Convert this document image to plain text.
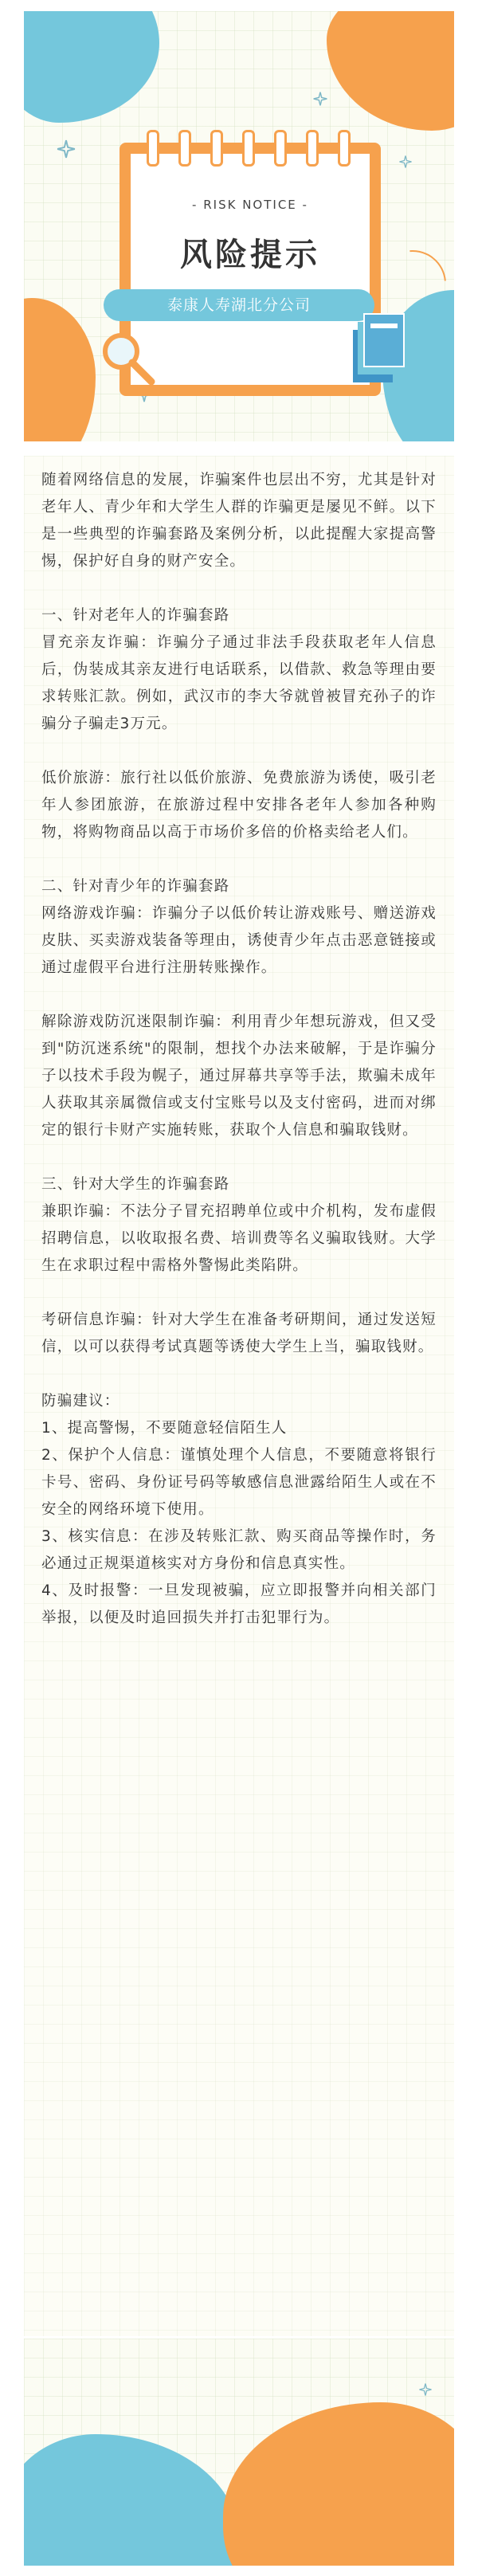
- RISK NOTICE -
风险提示
泰康人寿湖北分公司

随着网络信息的发展，诈骗案件也层出不穷，尤其是针对老年人、青少年和大学生人群的诈骗更是屡见不鲜。以下是一些典型的诈骗套路及案例分析，以此提醒大家提高警惕，保护好自身的财产安全。

一、针对老年人的诈骗套路

冒充亲友诈骗：诈骗分子通过非法手段获取老年人信息后，伪装成其亲友进行电话联系，以借款、救急等理由要求转账汇款。例如，武汉市的李大爷就曾被冒充孙子的诈骗分子骗走3万元。

低价旅游：旅行社以低价旅游、免费旅游为诱使，吸引老年人参团旅游，在旅游过程中安排各老年人参加各种购物，将购物商品以高于市场价多倍的价格卖给老人们。

二、针对青少年的诈骗套路

网络游戏诈骗：诈骗分子以低价转让游戏账号、赠送游戏皮肤、买卖游戏装备等理由，诱使青少年点击恶意链接或通过虚假平台进行注册转账操作。

解除游戏防沉迷限制诈骗：利用青少年想玩游戏，但又受到"防沉迷系统"的限制，想找个办法来破解，于是诈骗分子以技术手段为幌子，通过屏幕共享等手法，欺骗未成年人获取其亲属微信或支付宝账号以及支付密码，进而对绑定的银行卡财产实施转账，获取个人信息和骗取钱财。

三、针对大学生的诈骗套路

兼职诈骗：不法分子冒充招聘单位或中介机构，发布虚假招聘信息，以收取报名费、培训费等名义骗取钱财。大学生在求职过程中需格外警惕此类陷阱。

考研信息诈骗：针对大学生在准备考研期间，通过发送短信，以可以获得考试真题等诱使大学生上当，骗取钱财。

防骗建议：

1、提高警惕，不要随意轻信陌生人

2、保护个人信息：谨慎处理个人信息，不要随意将银行卡号、密码、身份证号码等敏感信息泄露给陌生人或在不安全的网络环境下使用。

3、核实信息：在涉及转账汇款、购买商品等操作时，务必通过正规渠道核实对方身份和信息真实性。

4、及时报警：一旦发现被骗，应立即报警并向相关部门举报，以便及时追回损失并打击犯罪行为。
